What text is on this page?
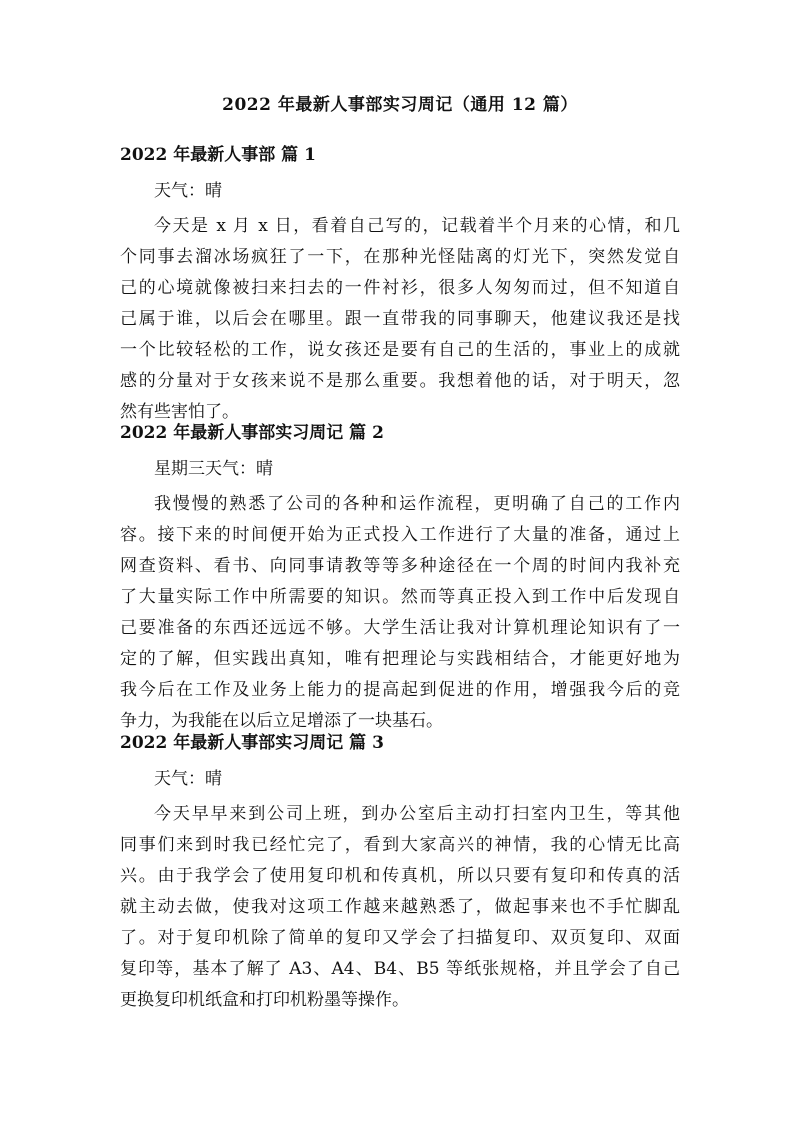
2022 年最新人事部实习周记（通用 12 篇）
2022 年最新人事部 篇 1
天气：晴
今天是 x 月 x 日，看着自己写的，记载着半个月来的心情，和几
个同事去溜冰场疯狂了一下，在那种光怪陆离的灯光下，突然发觉自
己的心境就像被扫来扫去的一件衬衫，很多人匆匆而过，但不知道自
己属于谁，以后会在哪里。跟一直带我的同事聊天，他建议我还是找
一个比较轻松的工作，说女孩还是要有自己的生活的，事业上的成就
感的分量对于女孩来说不是那么重要。我想着他的话，对于明天，忽
然有些害怕了。
2022 年最新人事部实习周记 篇 2
星期三天气：晴
我慢慢的熟悉了公司的各种和运作流程，更明确了自己的工作内
容。接下来的时间便开始为正式投入工作进行了大量的准备，通过上
网查资料、看书、向同事请教等等多种途径在一个周的时间内我补充
了大量实际工作中所需要的知识。然而等真正投入到工作中后发现自
己要准备的东西还远远不够。大学生活让我对计算机理论知识有了一
定的了解，但实践出真知，唯有把理论与实践相结合，才能更好地为
我今后在工作及业务上能力的提高起到促进的作用，增强我今后的竞
争力，为我能在以后立足增添了一块基石。
2022 年最新人事部实习周记 篇 3
天气：晴
今天早早来到公司上班，到办公室后主动打扫室内卫生，等其他
同事们来到时我已经忙完了，看到大家高兴的神情，我的心情无比高
兴。由于我学会了使用复印机和传真机，所以只要有复印和传真的活
就主动去做，使我对这项工作越来越熟悉了，做起事来也不手忙脚乱
了。对于复印机除了简单的复印又学会了扫描复印、双页复印、双面
复印等，基本了解了 A3、A4、B4、B5 等纸张规格，并且学会了自己
更换复印机纸盒和打印机粉墨等操作。
